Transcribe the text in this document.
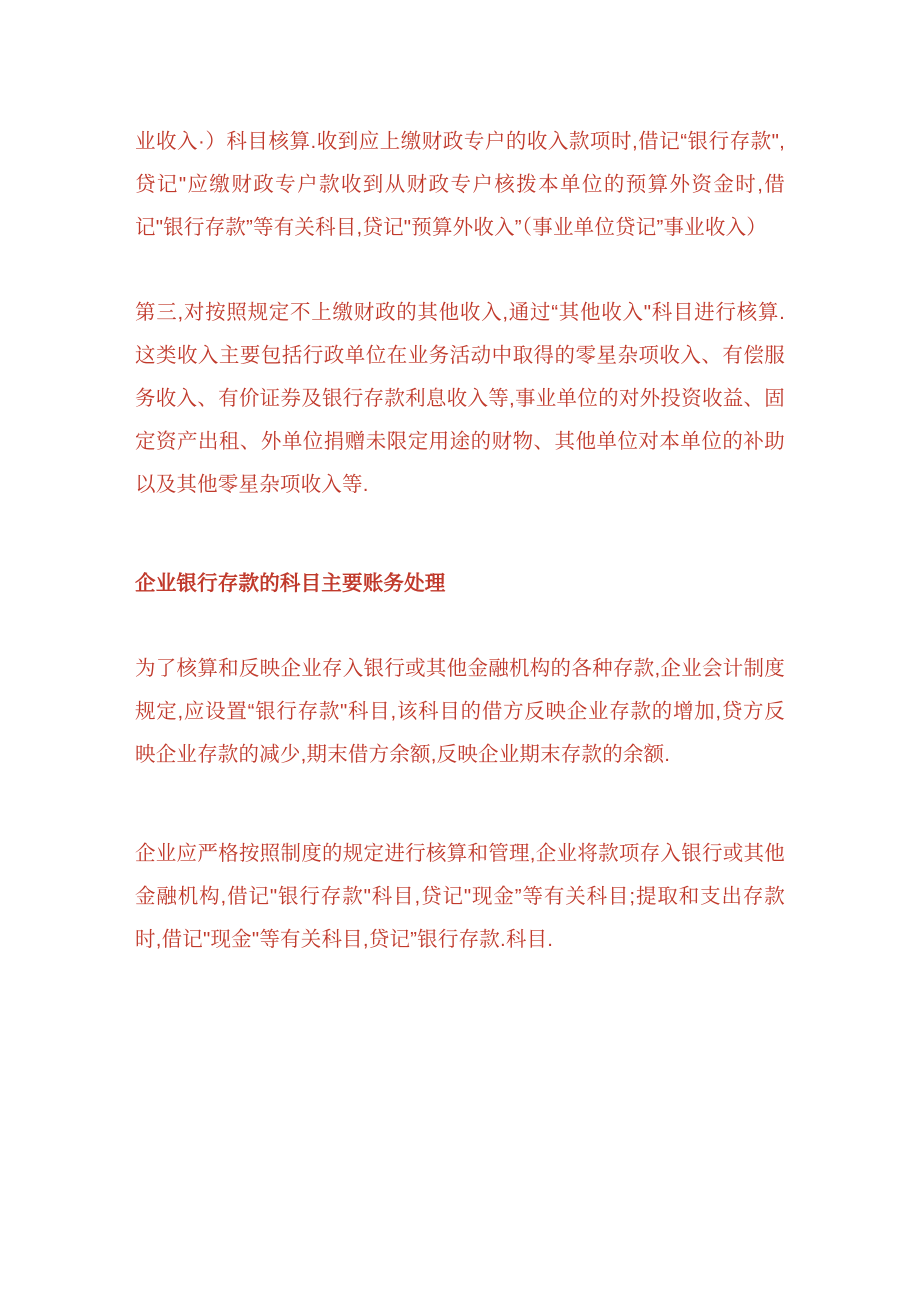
业收入·）科目核算.收到应上缴财政专户的收入款项时,借记“银行存款",贷记"应缴财政专户款收到从财政专户核拨本单位的预算外资金时,借记"银行存款”等有关科目,贷记"预算外收入”（事业单位贷记”事业收入）

第三,对按照规定不上缴财政的其他收入,通过“其他收入"科目进行核算.这类收入主要包括行政单位在业务活动中取得的零星杂项收入、有偿服务收入、有价证券及银行存款利息收入等,事业单位的对外投资收益、固定资产出租、外单位捐赠未限定用途的财物、其他单位对本单位的补助以及其他零星杂项收入等.

企业银行存款的科目主要账务处理

为了核算和反映企业存入银行或其他金融机构的各种存款,企业会计制度规定,应设置“银行存款"科目,该科目的借方反映企业存款的增加,贷方反映企业存款的减少,期末借方余额,反映企业期末存款的余额.

企业应严格按照制度的规定进行核算和管理,企业将款项存入银行或其他金融机构,借记"银行存款"科目,贷记"现金”等有关科目;提取和支出存款时,借记"现金"等有关科目,贷记”银行存款.科目.
